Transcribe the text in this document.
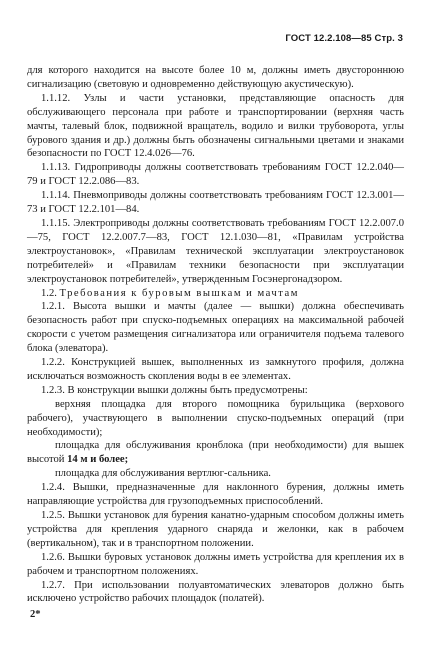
ГОСТ 12.2.108—85 Стр. 3

для которого находится на высоте более 10 м, должны иметь двустороннюю сигнализацию (световую и одновременно действующую акустическую).

1.1.12. Узлы и части установки, представляющие опасность для обслуживающего персонала при работе и транспортировании (верхняя часть мачты, талевый блок, подвижной вращатель, водило и вилки трубоворота, углы бурового здания и др.) должны быть обозначены сигнальными цветами и знаками безопасности по ГОСТ 12.4.026—76.

1.1.13. Гидроприводы должны соответствовать требованиям ГОСТ 12.2.040—79 и ГОСТ 12.2.086—83.

1.1.14. Пневмоприводы должны соответствовать требованиям ГОСТ 12.3.001—73 и ГОСТ 12.2.101—84.

1.1.15. Электроприводы должны соответствовать требованиям ГОСТ 12.2.007.0—75, ГОСТ 12.2.007.7—83, ГОСТ 12.1.030—81, «Правилам устройства электроустановок», «Правилам технической эксплуатации электроустановок потребителей» и «Правилам техники безопасности при эксплуатации электроустановок потребителей», утвержденным Госэнергонадзором.

1.2. Требования к буровым вышкам и мачтам

1.2.1. Высота вышки и мачты (далее — вышки) должна обеспечивать безопасность работ при спуско-подъемных операциях на максимальной рабочей скорости с учетом размещения сигнализатора или ограничителя подъема талевого блока (элеватора).

1.2.2. Конструкцией вышек, выполненных из замкнутого профиля, должна исключаться возможность скопления воды в ее элементах.

1.2.3. В конструкции вышки должны быть предусмотрены:

верхняя площадка для второго помощника бурильщика (верхового рабочего), участвующего в выполнении спуско-подъемных операций (при необходимости);

площадка для обслуживания кронблока (при необходимости) для вышек высотой 14 м и более;

площадка для обслуживания вертлюг-сальника.

1.2.4. Вышки, предназначенные для наклонного бурения, должны иметь направляющие устройства для грузоподъемных приспособлений.

1.2.5. Вышки установок для бурения канатно-ударным способом должны иметь устройства для крепления ударного снаряда и желонки, как в рабочем (вертикальном), так и в транспортном положении.

1.2.6. Вышки буровых установок должны иметь устройства для крепления их в рабочем и транспортном положениях.

1.2.7. При использовании полуавтоматических элеваторов должно быть исключено устройство рабочих площадок (полатей).

2*
